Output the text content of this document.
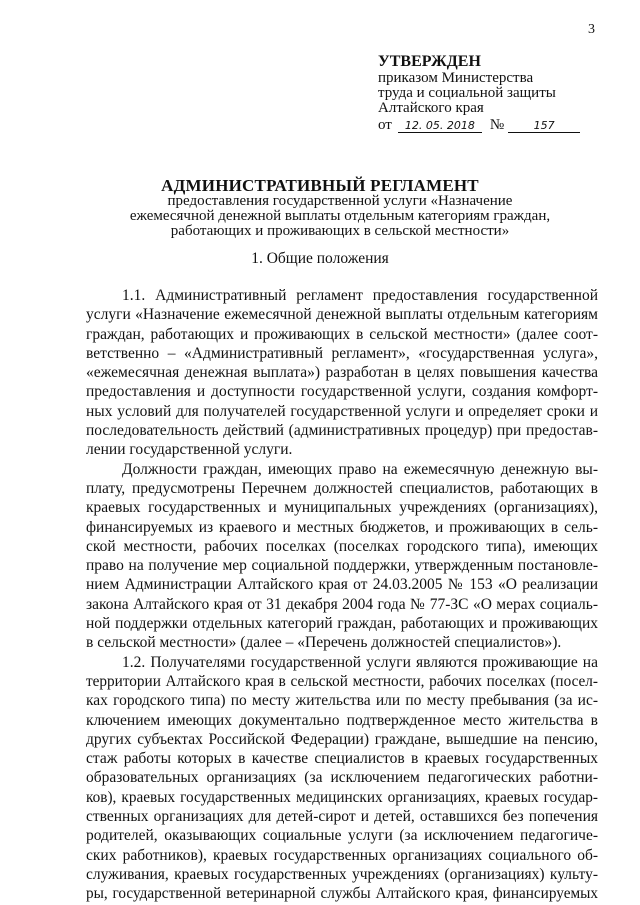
3
УТВЕРЖДЕН
приказом Министерства
труда и социальной защиты
Алтайского края
от	12. 05. 2018	№	157
АДМИНИСТРАТИВНЫЙ РЕГЛАМЕНТ
предоставления государственной услуги «Назначение
ежемесячной денежной выплаты отдельным категориям граждан,
работающих и проживающих в сельской местности»
1. Общие положения
1.1. Административный регламент предоставления государственной
услуги «Назначение ежемесячной денежной выплаты отдельным категориям
граждан, работающих и проживающих в сельской местности» (далее соот-
ветственно – «Административный регламент», «государственная услуга»,
«ежемесячная денежная выплата») разработан в целях повышения качества
предоставления и доступности государственной услуги, создания комфорт-
ных условий для получателей государственной услуги и определяет сроки и
последовательность действий (административных процедур) при предостав-
лении государственной услуги.
Должности граждан, имеющих право на ежемесячную денежную вы-
плату, предусмотрены Перечнем должностей специалистов, работающих в
краевых государственных и муниципальных учреждениях (организациях),
финансируемых из краевого и местных бюджетов, и проживающих в сель-
ской местности, рабочих поселках (поселках городского типа), имеющих
право на получение мер социальной поддержки, утвержденным постановле-
нием Администрации Алтайского края от 24.03.2005 № 153 «О реализации
закона Алтайского края от 31 декабря 2004 года № 77-ЗС «О мерах социаль-
ной поддержки отдельных категорий граждан, работающих и проживающих
в сельской местности» (далее – «Перечень должностей специалистов»).
1.2. Получателями государственной услуги являются проживающие на
территории Алтайского края в сельской местности, рабочих поселках (посел-
ках городского типа) по месту жительства или по месту пребывания (за ис-
ключением имеющих документально подтвержденное место жительства в
других субъектах Российской Федерации) граждане, вышедшие на пенсию,
стаж работы которых в качестве специалистов в краевых государственных
образовательных организациях (за исключением педагогических работни-
ков), краевых государственных медицинских организациях, краевых государ-
ственных организациях для детей-сирот и детей, оставшихся без попечения
родителей, оказывающих социальные услуги (за исключением педагогиче-
ских работников), краевых государственных организациях социального об-
служивания, краевых государственных учреждениях (организациях) культу-
ры, государственной ветеринарной службы Алтайского края, финансируемых
